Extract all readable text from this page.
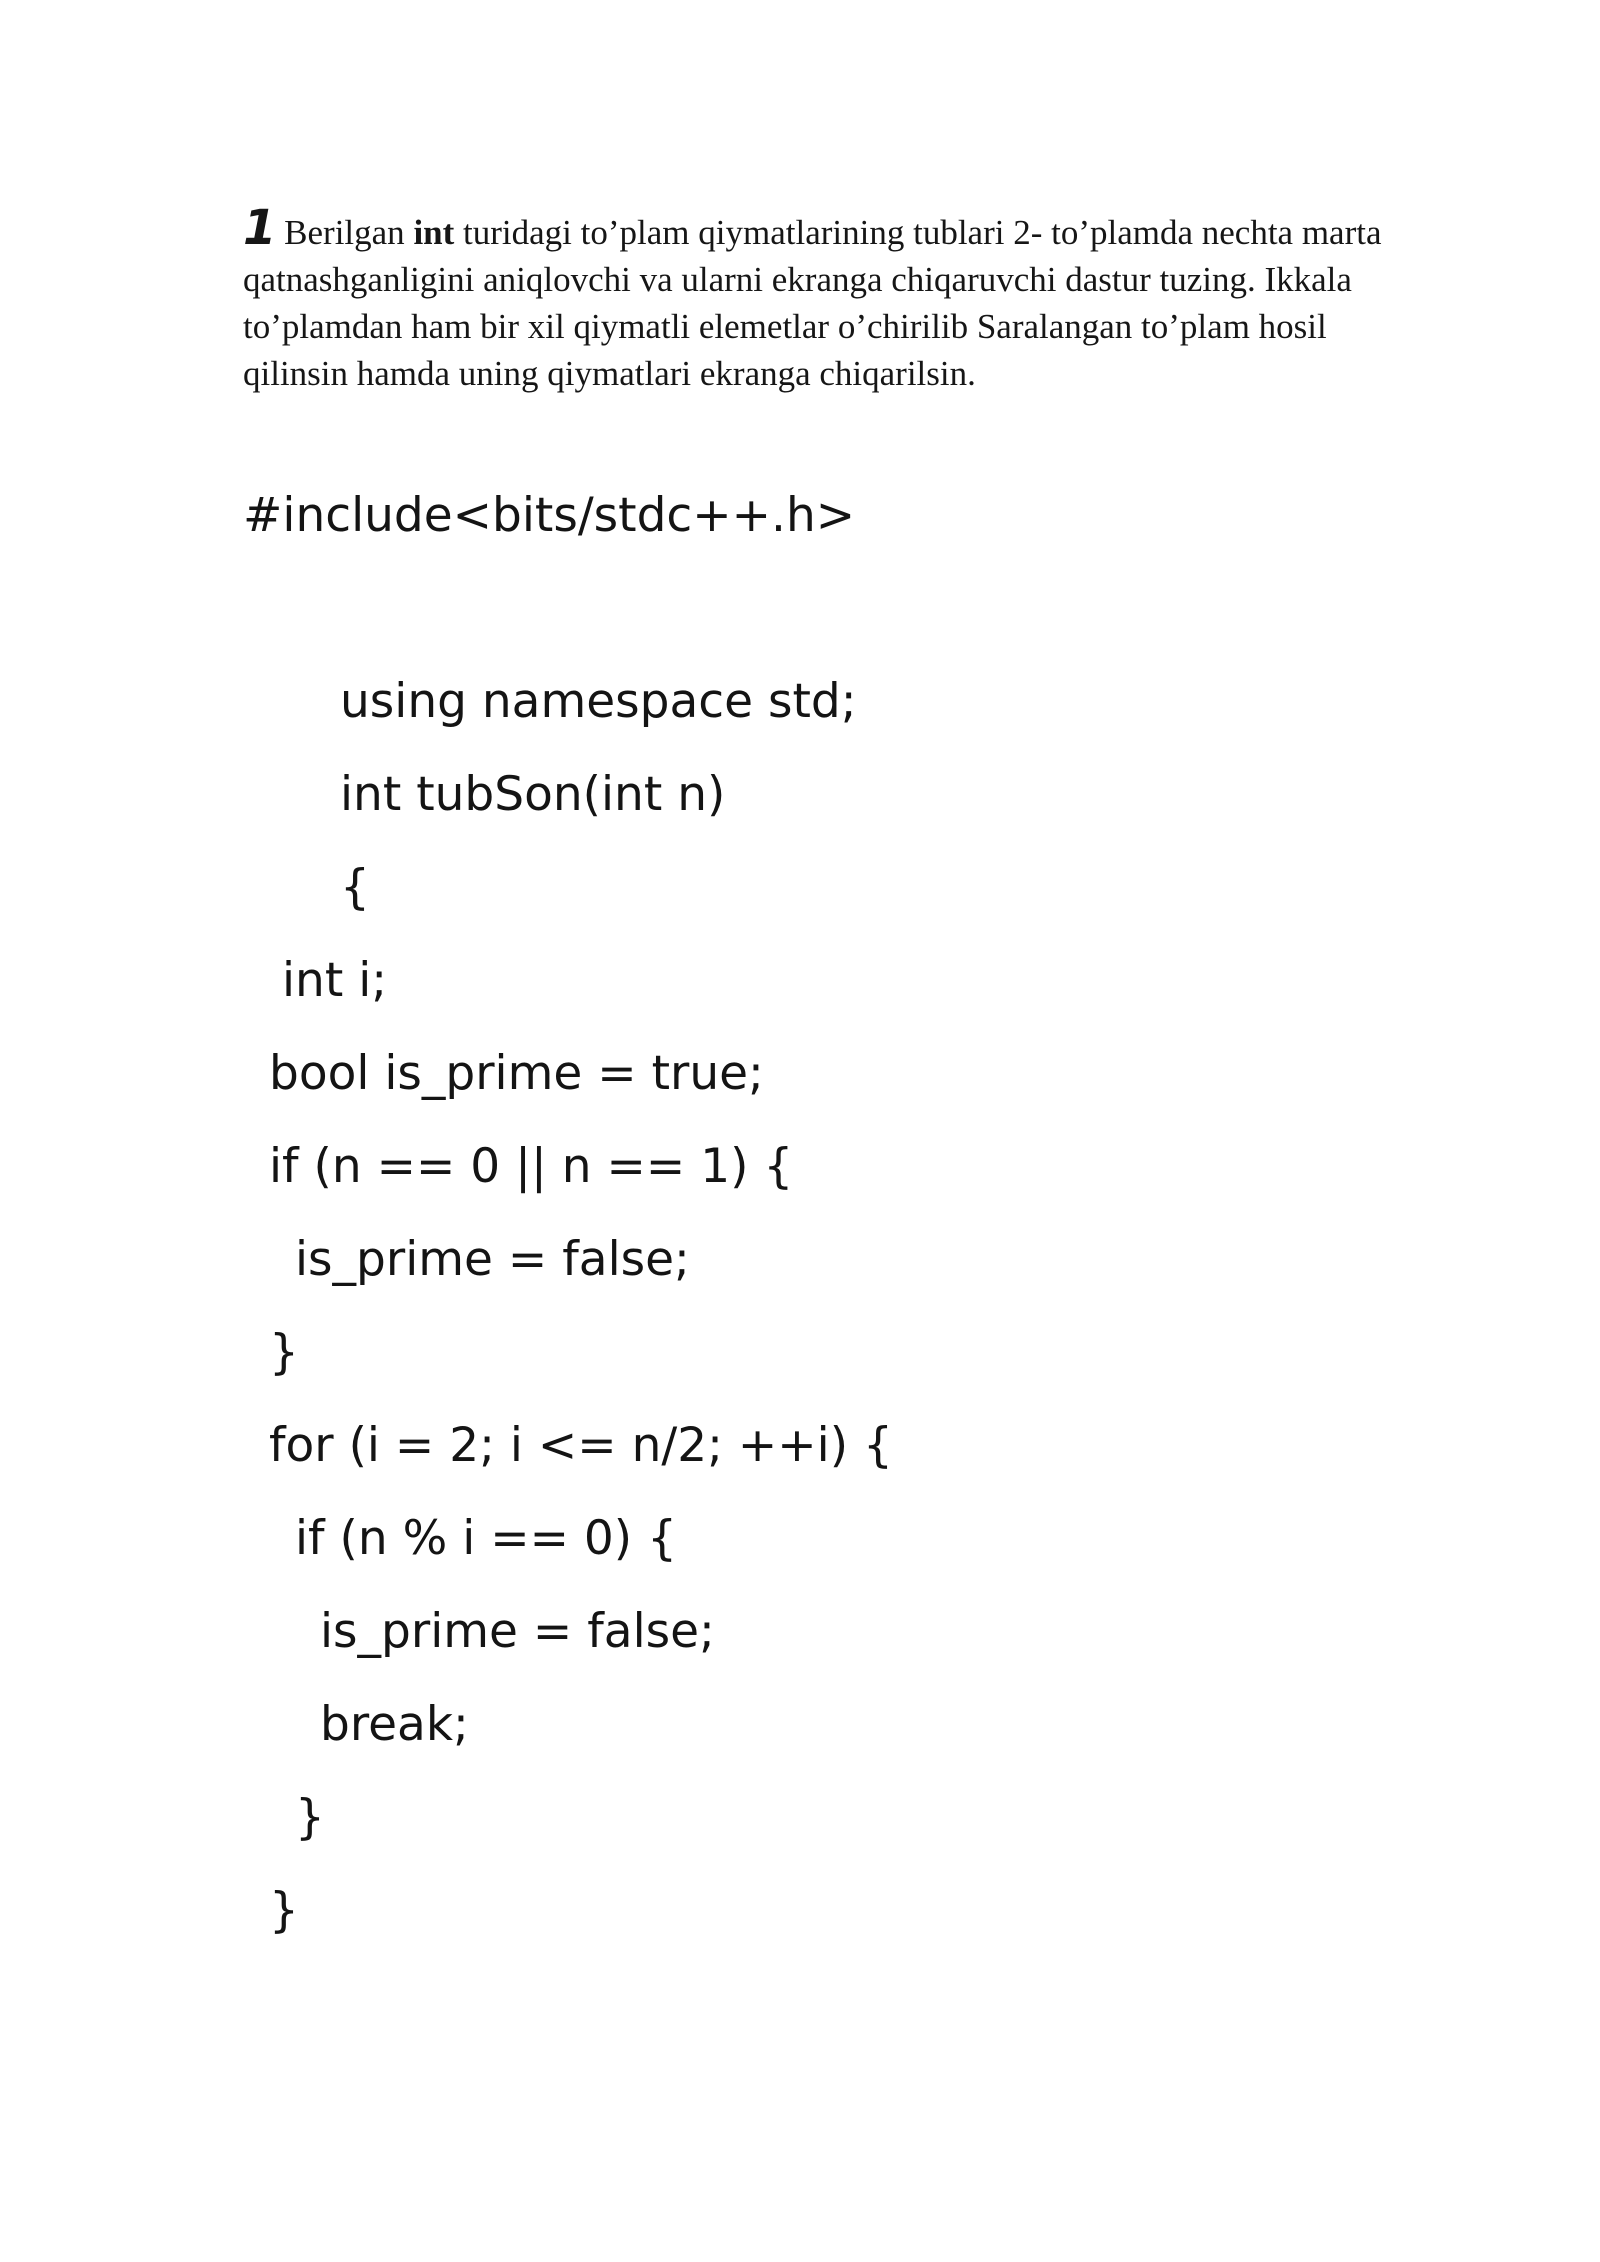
1 Berilgan int turidagi to’plam qiymatlarining tublari 2- to’plamda nechta marta qatnashganligini aniqlovchi va ularni ekranga chiqaruvchi dastur tuzing. Ikkala to’plamdan ham bir xil qiymatli elemetlar o’chirilib Saralangan to’plam hosil qilinsin hamda uning qiymatlari ekranga chiqarilsin.

#include<bits/stdc++.h>

using namespace std;

int tubSon(int n)

{

int i;

bool is_prime = true;

if (n == 0 || n == 1) {

is_prime = false;

}

for (i = 2; i <= n/2; ++i) {

if (n % i == 0) {

is_prime = false;

break;

}

}
